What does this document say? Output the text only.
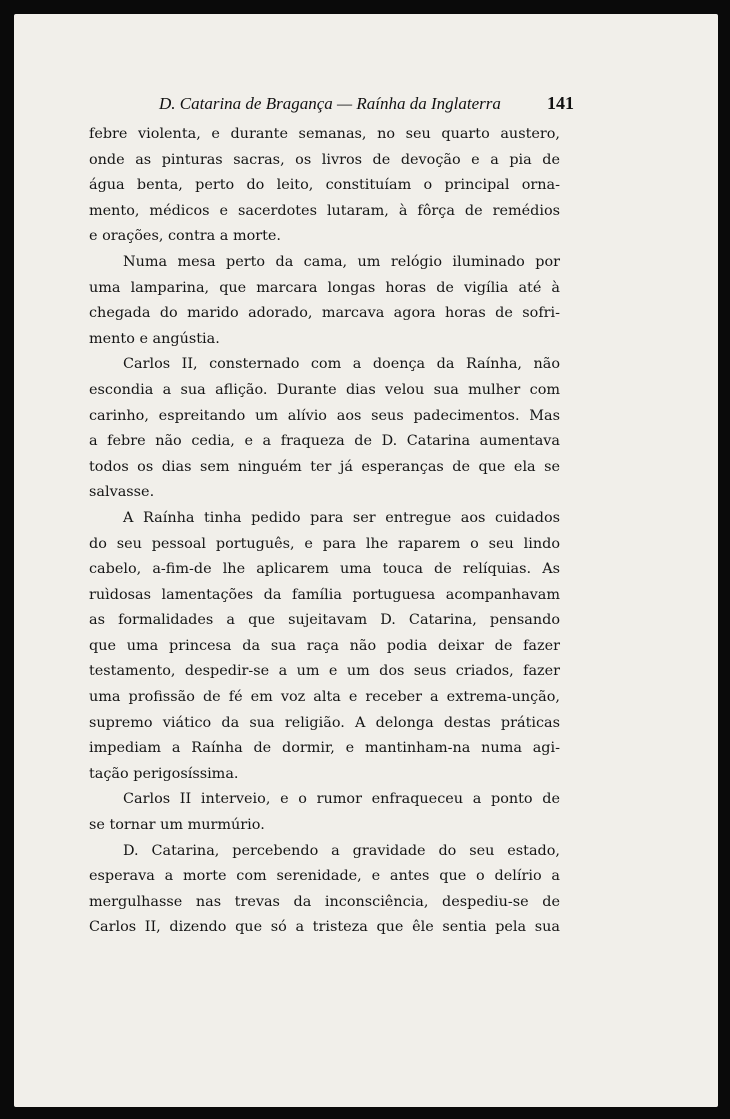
D. Catarina de Bragança — Raínha da Inglaterra	141

febre violenta, e durante semanas, no seu quarto austero,
onde as pinturas sacras, os livros de devoção e a pia de
água benta, perto do leito, constituíam o principal orna-
mento, médicos e sacerdotes lutaram, à fôrça de remédios
e orações, contra a morte.

Numa mesa perto da cama, um relógio iluminado por
uma lamparina, que marcara longas horas de vigília até à
chegada do marido adorado, marcava agora horas de sofri-
mento e angústia.

Carlos II, consternado com a doença da Raínha, não
escondia a sua aflição. Durante dias velou sua mulher com
carinho, espreitando um alívio aos seus padecimentos. Mas
a febre não cedia, e a fraqueza de D. Catarina aumentava
todos os dias sem ninguém ter já esperanças de que ela se
salvasse.

A Raínha tinha pedido para ser entregue aos cuidados
do seu pessoal português, e para lhe raparem o seu lindo
cabelo, a-fim-de lhe aplicarem uma touca de relíquias. As
ruìdosas lamentações da família portuguesa acompanhavam
as formalidades a que sujeitavam D. Catarina, pensando
que uma princesa da sua raça não podia deixar de fazer
testamento, despedir-se a um e um dos seus criados, fazer
uma profissão de fé em voz alta e receber a extrema-unção,
supremo viático da sua religião. A delonga destas práticas
impediam a Raínha de dormir, e mantinham-na numa agi-
tação perigosíssima.

Carlos II interveio, e o rumor enfraqueceu a ponto de
se tornar um murmúrio.

D. Catarina, percebendo a gravidade do seu estado,
esperava a morte com serenidade, e antes que o delírio a
mergulhasse nas trevas da inconsciência, despediu-se de
Carlos II, dizendo que só a tristeza que êle sentia pela sua
